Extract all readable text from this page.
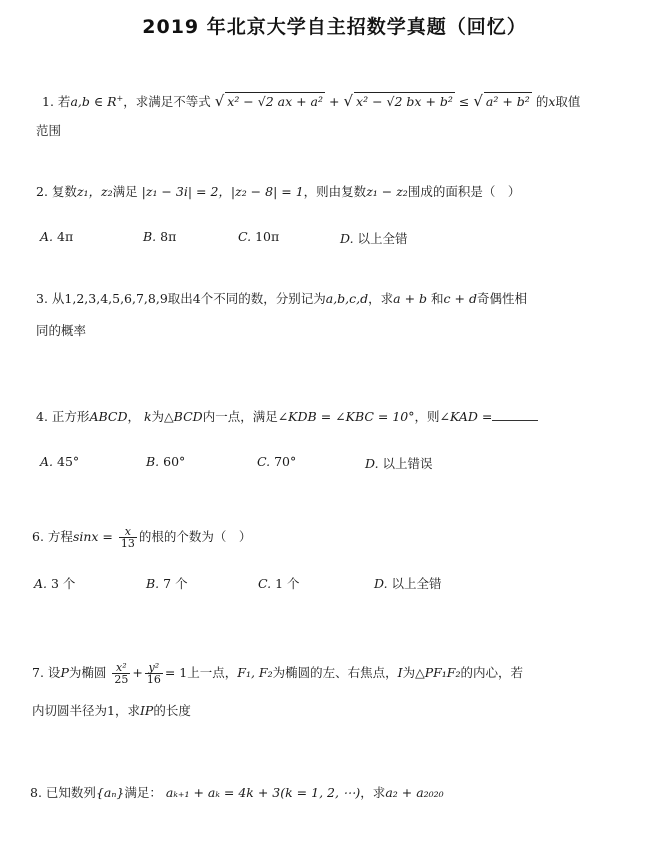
2019 年北京大学自主招数学真题（回忆）
1. 若a,b ∈ R+，求满足不等式 √ x² − √2 ax + a² + √ x² − √2 bx + b² ≤ √ a² + b² 的x取值
范围
2. 复数z₁，z₂满足 |z₁ − 3i| = 2，|z₂ − 8| = 1，则由复数z₁ − z₂围成的面积是（　）
A. 4π	B. 8π	C. 10π	D. 以上全错
3. 从1,2,3,4,5,6,7,8,9取出4个不同的数，分别记为a,b,c,d，求a + b 和c + d奇偶性相
同的概率
4. 正方形ABCD， k为△BCD内一点，满足∠KDB = ∠KBC = 10°，则∠KAD =
A. 45°	B. 60°	C. 70°	D. 以上错误
6. 方程$\sin x = \frac{x}{13}$ 的根的个数为（　）
A. 3 个	B. 7 个	C. 1 个	D. 以上全错
7. 设P为椭圆 $\frac{\text{x²}}{25} + \frac{\text{y²}}{16} = 1$上一点，F₁, F₂为椭圆的左、右焦点，I为△PF₁F₂的内心，若
内切圆半径为1，求IP的长度
8. 已知数列{aₙ}满足： aₖ₊₁ + aₖ = 4k + 3(k = 1, 2, ⋯)，求a₂ + a₂₀₂₀
